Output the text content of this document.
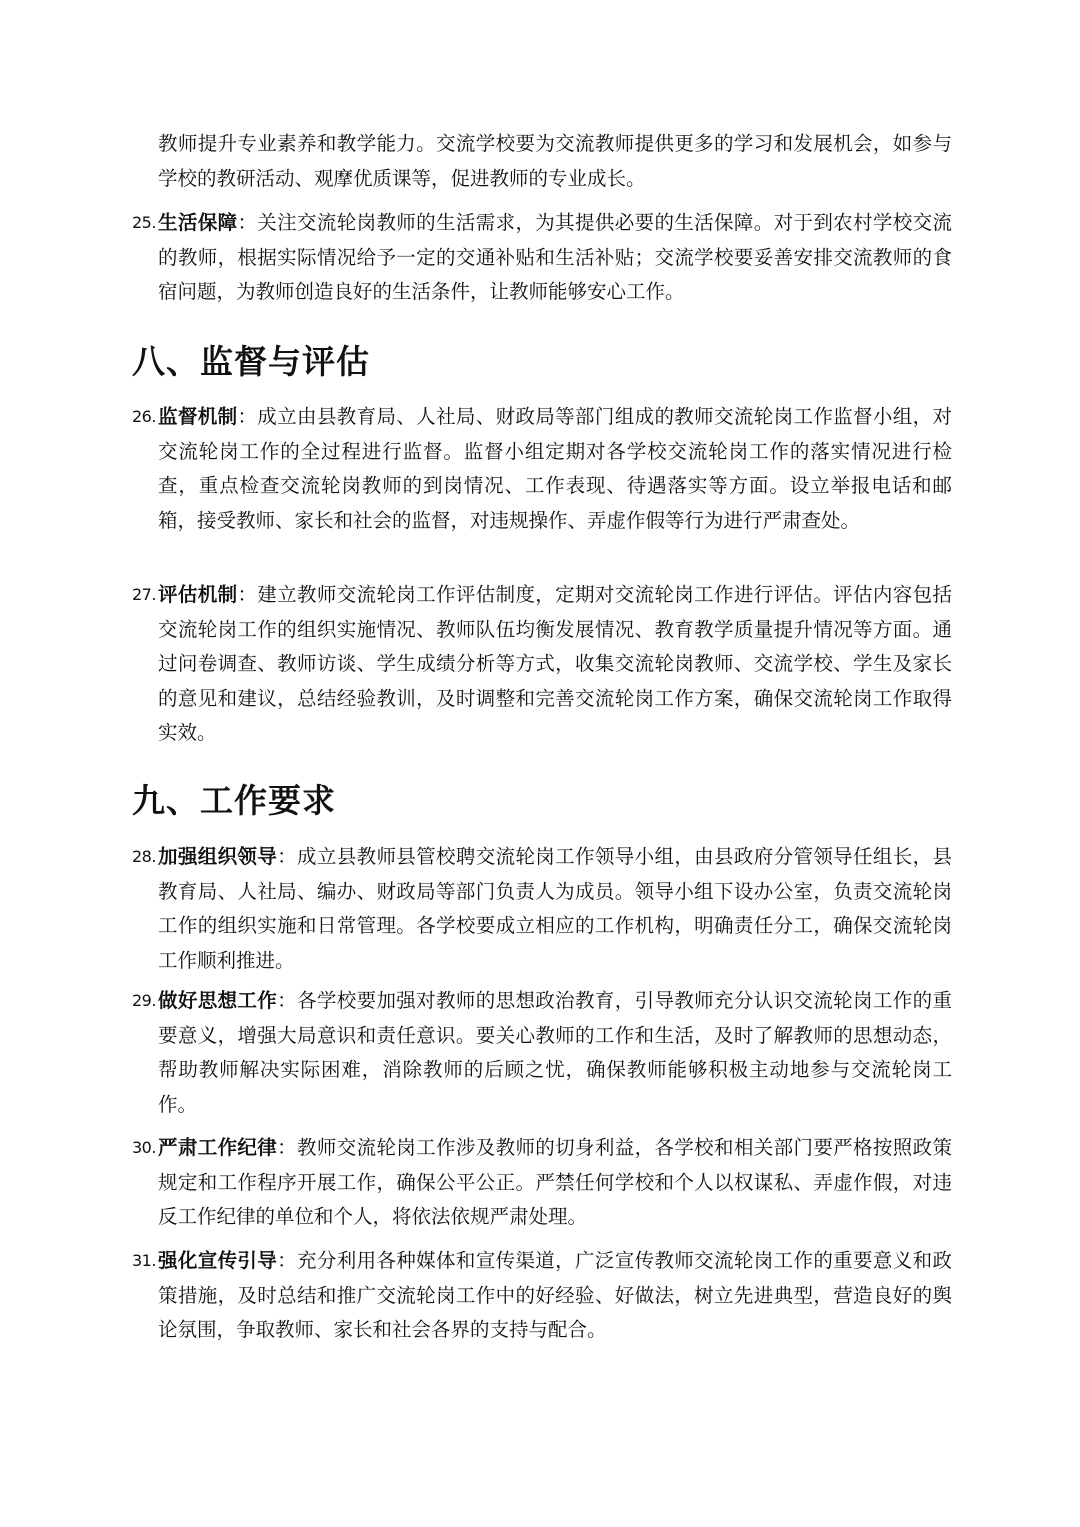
教师提升专业素养和教学能力。交流学校要为交流教师提供更多的学习和发展机会，如参与学校的教研活动、观摩优质课等，促进教师的专业成长。
25. 生活保障：关注交流轮岗教师的生活需求，为其提供必要的生活保障。对于到农村学校交流的教师，根据实际情况给予一定的交通补贴和生活补贴；交流学校要妥善安排交流教师的食宿问题，为教师创造良好的生活条件，让教师能够安心工作。
八、监督与评估
26. 监督机制：成立由县教育局、人社局、财政局等部门组成的教师交流轮岗工作监督小组，对交流轮岗工作的全过程进行监督。监督小组定期对各学校交流轮岗工作的落实情况进行检查，重点检查交流轮岗教师的到岗情况、工作表现、待遇落实等方面。设立举报电话和邮箱，接受教师、家长和社会的监督，对违规操作、弄虚作假等行为进行严肃查处。
27. 评估机制：建立教师交流轮岗工作评估制度，定期对交流轮岗工作进行评估。评估内容包括交流轮岗工作的组织实施情况、教师队伍均衡发展情况、教育教学质量提升情况等方面。通过问卷调查、教师访谈、学生成绩分析等方式，收集交流轮岗教师、交流学校、学生及家长的意见和建议，总结经验教训，及时调整和完善交流轮岗工作方案，确保交流轮岗工作取得实效。
九、工作要求
28. 加强组织领导：成立县教师县管校聘交流轮岗工作领导小组，由县政府分管领导任组长，县教育局、人社局、编办、财政局等部门负责人为成员。领导小组下设办公室，负责交流轮岗工作的组织实施和日常管理。各学校要成立相应的工作机构，明确责任分工，确保交流轮岗工作顺利推进。
29. 做好思想工作：各学校要加强对教师的思想政治教育，引导教师充分认识交流轮岗工作的重要意义，增强大局意识和责任意识。要关心教师的工作和生活，及时了解教师的思想动态，帮助教师解决实际困难，消除教师的后顾之忧，确保教师能够积极主动地参与交流轮岗工作。
30. 严肃工作纪律：教师交流轮岗工作涉及教师的切身利益，各学校和相关部门要严格按照政策规定和工作程序开展工作，确保公平公正。严禁任何学校和个人以权谋私、弄虚作假，对违反工作纪律的单位和个人，将依法依规严肃处理。
31. 强化宣传引导：充分利用各种媒体和宣传渠道，广泛宣传教师交流轮岗工作的重要意义和政策措施，及时总结和推广交流轮岗工作中的好经验、好做法，树立先进典型，营造良好的舆论氛围，争取教师、家长和社会各界的支持与配合。
